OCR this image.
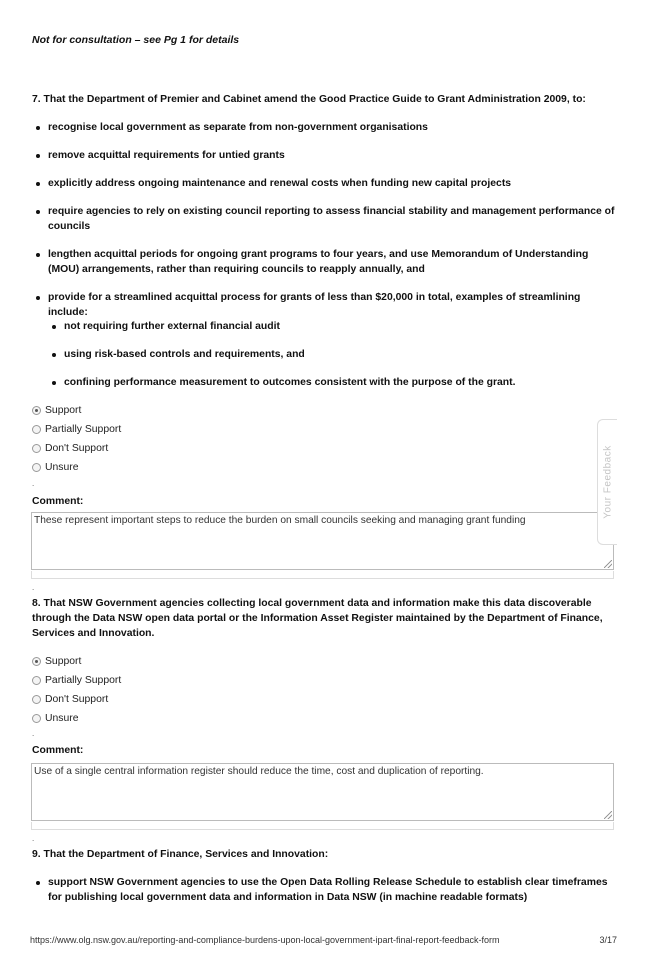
Not for consultation – see Pg 1 for details
7. That the Department of Premier and Cabinet amend the Good Practice Guide to Grant Administration 2009, to:
recognise local government as separate from non-government organisations
remove acquittal requirements for untied grants
explicitly address ongoing maintenance and renewal costs when funding new capital projects
require agencies to rely on existing council reporting to assess financial stability and management performance of councils
lengthen acquittal periods for ongoing grant programs to four years, and use Memorandum of Understanding (MOU) arrangements, rather than requiring councils to reapply annually, and
provide for a streamlined acquittal process for grants of less than $20,000 in total, examples of streamlining include:
not requiring further external financial audit
using risk-based controls and requirements, and
confining performance measurement to outcomes consistent with the purpose of the grant.
Support
Partially Support
Don't Support
Unsure
.
Comment:
These represent important steps to reduce the burden on small councils seeking and managing grant funding
Your Feedback
.
8. That NSW Government agencies collecting local government data and information make this data discoverable through the Data NSW open data portal or the Information Asset Register maintained by the Department of Finance, Services and Innovation.
Support
Partially Support
Don't Support
Unsure
.
Comment:
Use of a single central information register should reduce the time, cost and duplication of reporting.
.
9. That the Department of Finance, Services and Innovation:
support NSW Government agencies to use the Open Data Rolling Release Schedule to establish clear timeframes for publishing local government data and information in Data NSW (in machine readable formats)
https://www.olg.nsw.gov.au/reporting-and-compliance-burdens-upon-local-government-ipart-final-report-feedback-form	3/17
